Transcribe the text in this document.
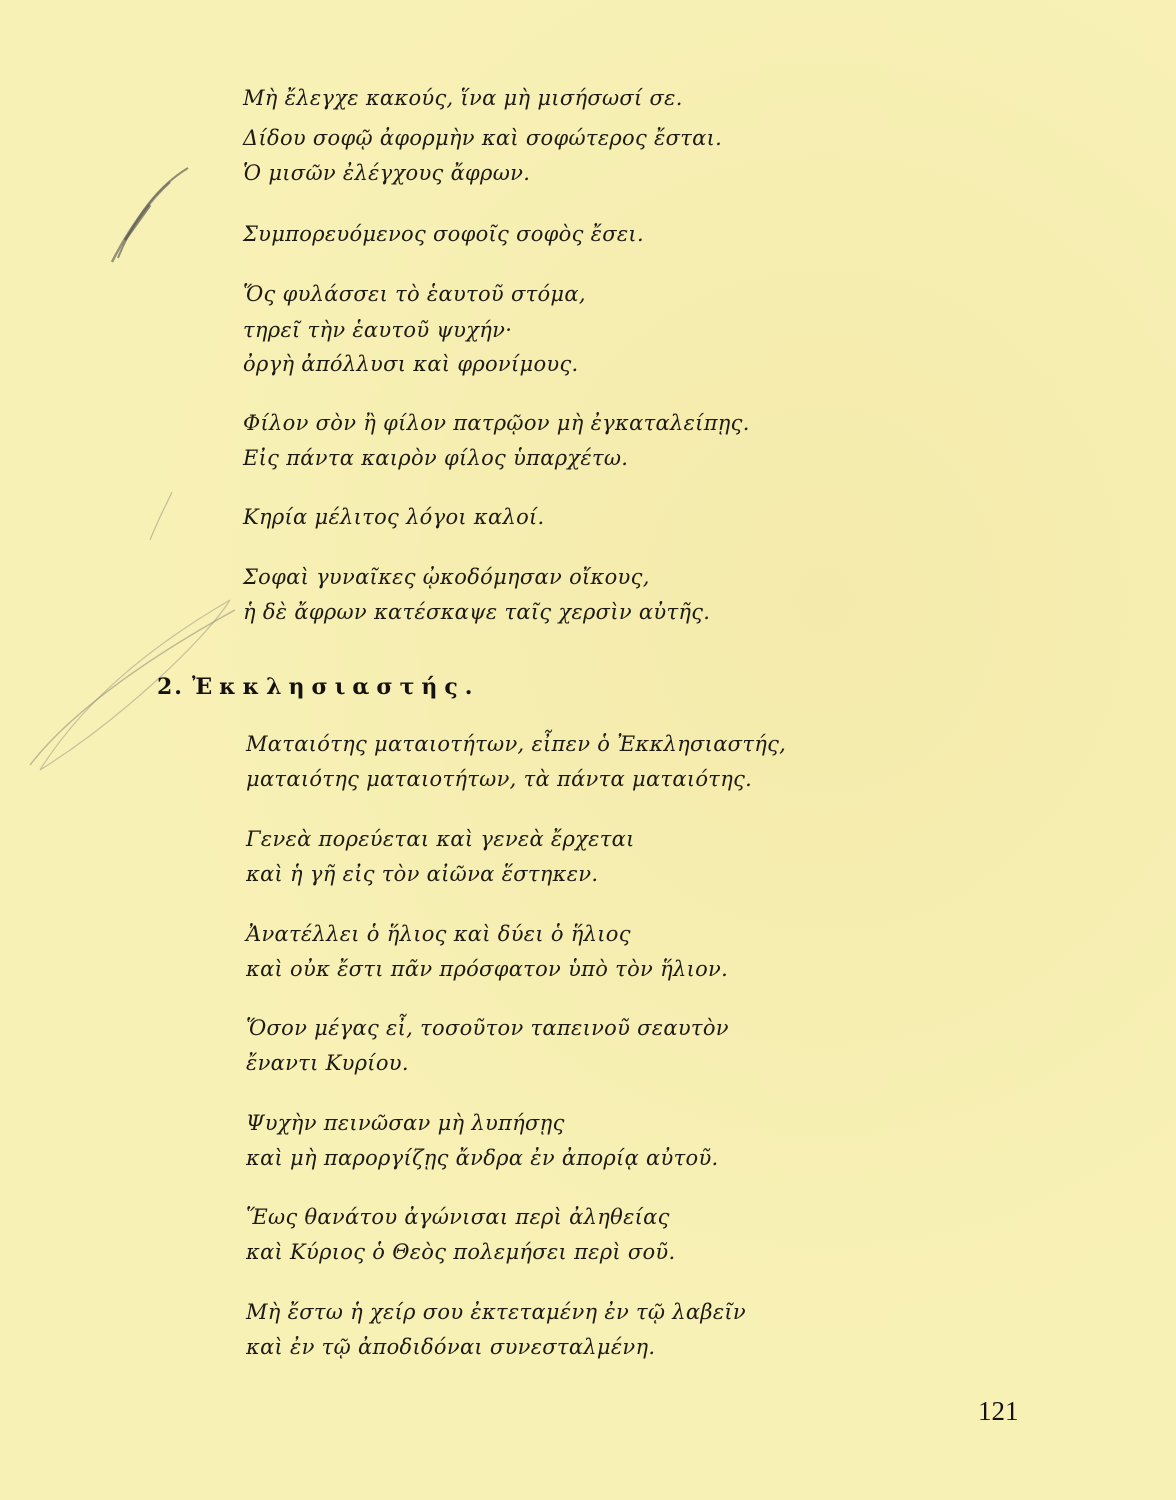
Μὴ ἔλεγχε κακούς, ἵνα μὴ μισήσωσί σε.
Δίδου σοφῷ ἀφορμὴν καὶ σοφώτερος ἔσται.
Ὁ μισῶν ἐλέγχους ἄφρων.
Συμπορευόμενος σοφοῖς σοφὸς ἔσει.
Ὅς φυλάσσει τὸ ἑαυτοῦ στόμα,
τηρεῖ τὴν ἑαυτοῦ ψυχήν·
ὀργὴ ἀπόλλυσι καὶ φρονίμους.
Φίλον σὸν ἢ φίλον πατρῷον μὴ ἐγκαταλείπῃς.
Εἰς πάντα καιρὸν φίλος ὑπαρχέτω.
Κηρία μέλιτος λόγοι καλοί.
Σοφαὶ γυναῖκες ᾠκοδόμησαν οἴκους,
ἡ δὲ ἄφρων κατέσκαψε ταῖς χερσὶν αὐτῆς.
2. Ἐκκλησιαστής.
Ματαιότης ματαιοτήτων, εἶπεν ὁ Ἐκκλησιαστής,
ματαιότης ματαιοτήτων, τὰ πάντα ματαιότης.
Γενεὰ πορεύεται καὶ γενεὰ ἔρχεται
καὶ ἡ γῆ εἰς τὸν αἰῶνα ἕστηκεν.
Ἀνατέλλει ὁ ἥλιος καὶ δύει ὁ ἥλιος
καὶ οὐκ ἔστι πᾶν πρόσφατον ὑπὸ τὸν ἥλιον.
Ὅσον μέγας εἶ, τοσοῦτον ταπεινοῦ σεαυτὸν
ἔναντι Κυρίου.
Ψυχὴν πεινῶσαν μὴ λυπήσῃς
καὶ μὴ παροργίζῃς ἄνδρα ἐν ἀπορίᾳ αὐτοῦ.
Ἕως θανάτου ἀγώνισαι περὶ ἀληθείας
καὶ Κύριος ὁ Θεὸς πολεμήσει περὶ σοῦ.
Μὴ ἔστω ἡ χείρ σου ἐκτεταμένη ἐν τῷ λαβεῖν
καὶ ἐν τῷ ἀποδιδόναι συνεσταλμένη.
121
